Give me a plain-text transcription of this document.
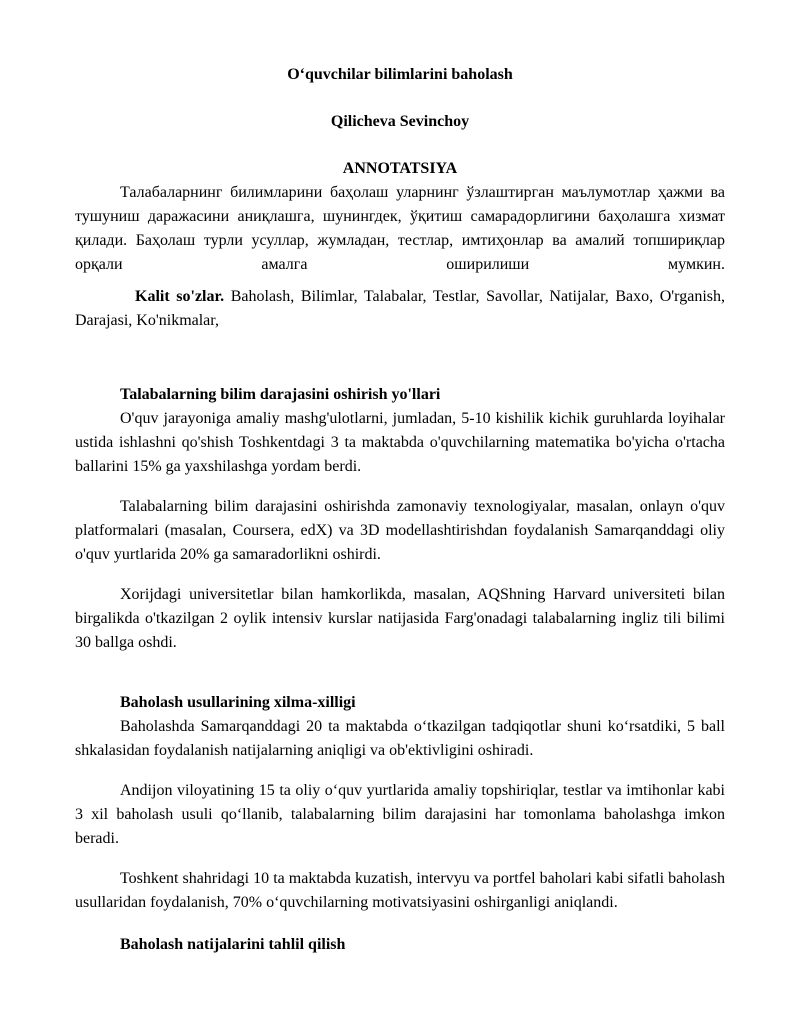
O‘quvchilar bilimlarini baholash

Qilicheva Sevinchoy

ANNOTATSIYA

Талабаларнинг билимларини баҳолаш уларнинг ўзлаштирган маълумотлар ҳажми ва тушуниш даражасини аниқлашга, шунингдек, ўқитиш самарадорлигини баҳолашга хизмат қилади. Баҳолаш турли усуллар, жумладан, тестлар, имтиҳонлар ва амалий топшириқлар орқали амалга оширилиши мумкин.

Kalit so'zlar. Baholash, Bilimlar, Talabalar, Testlar, Savollar, Natijalar, Baxo, O'rganish, Darajasi, Ko'nikmalar,

Talabalarning bilim darajasini oshirish yo'llari

O'quv jarayoniga amaliy mashg'ulotlarni, jumladan, 5-10 kishilik kichik guruhlarda loyihalar ustida ishlashni qo'shish Toshkentdagi 3 ta maktabda o'quvchilarning matematika bo'yicha o'rtacha ballarini 15% ga yaxshilashga yordam berdi.

Talabalarning bilim darajasini oshirishda zamonaviy texnologiyalar, masalan, onlayn o'quv platformalari (masalan, Coursera, edX) va 3D modellashtirishdan foydalanish Samarqanddagi oliy o'quv yurtlarida 20% ga samaradorlikni oshirdi.

Xorijdagi universitetlar bilan hamkorlikda, masalan, AQShning Harvard universiteti bilan birgalikda o'tkazilgan 2 oylik intensiv kurslar natijasida Farg'onadagi talabalarning ingliz tili bilimi 30 ballga oshdi.

Baholash usullarining xilma-xilligi

Baholashda Samarqanddagi 20 ta maktabda o‘tkazilgan tadqiqotlar shuni ko‘rsatdiki, 5 ball shkalasidan foydalanish natijalarning aniqligi va ob'ektivligini oshiradi.

Andijon viloyatining 15 ta oliy o‘quv yurtlarida amaliy topshiriqlar, testlar va imtihonlar kabi 3 xil baholash usuli qo‘llanib, talabalarning bilim darajasini har tomonlama baholashga imkon beradi.

Toshkent shahridagi 10 ta maktabda kuzatish, intervyu va portfel baholari kabi sifatli baholash usullaridan foydalanish, 70% o‘quvchilarning motivatsiyasini oshirganligi aniqlandi.

Baholash natijalarini tahlil qilish
